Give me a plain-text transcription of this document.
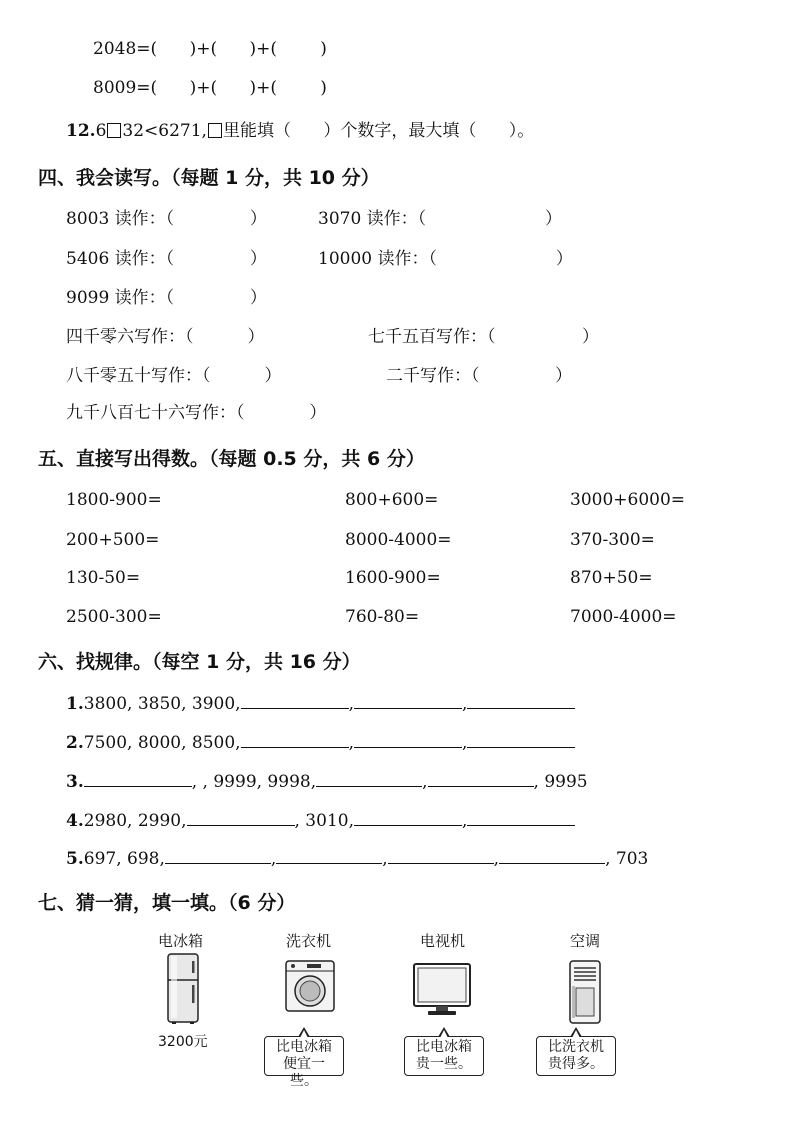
2048=(      )+(      )+(        )
8009=(      )+(      )+(        )
12.6 32<6271, 里能填（      ）个数字，最大填（      ）。
四、我会读写。（每题 1 分，共 10 分）
8003 读作：（              ）	3070 读作：（                      ）
5406 读作：（              ）	10000 读作：（                      ）
9099 读作：（              ）
四千零六写作：（          ）	七千五百写作：（                ）
八千零五十写作：（          ）	二千写作：（              ）
九千八百七十六写作：（            ）
五、直接写出得数。（每题 0.5 分，共 6 分）
1800-900=	800+600=	3000+6000=
200+500=	8000-4000=	370-300=
130-50=	1600-900=	870+50=
2500-300=	760-80=	7000-4000=
六、找规律。（每空 1 分，共 16 分）
1.3800, 3850, 3900,	,	,
2.7500, 8000, 8500,	,	,
3.	, , 9999, 9998,	,	, 9995
4.2980, 2990,	, 3010,	,
5.697, 698,	,	,	,	, 703
七、猜一猜，填一填。（6 分）
电冰箱	洗衣机	电视机	空调
3200元	比电冰箱
便宜一些。
比电冰箱
贵一些。
比洗衣机
贵得多。
